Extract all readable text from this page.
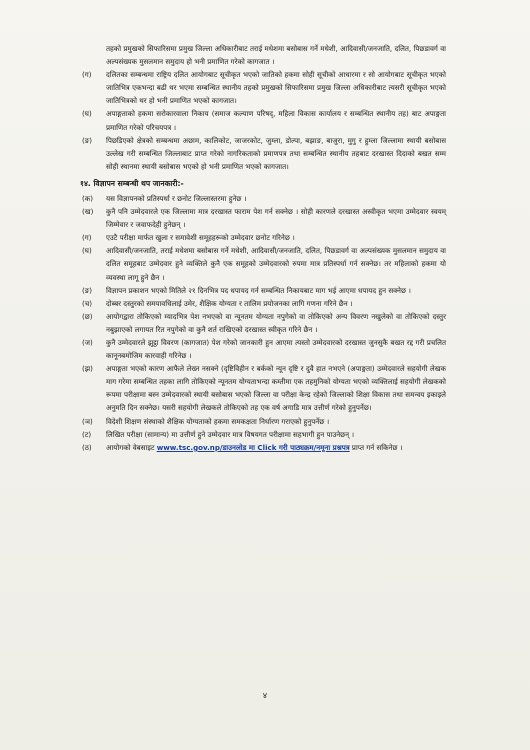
तहको प्रमुखको सिफारिसमा प्रमुख जिल्ला अधिकारीबाट तराई मधेशमा बसोबास गर्ने मधेशी, आदिवासी/जनजाति, दलित, पिछडावर्ग वा अल्पसंख्यक मुसलमान समुदाय हो भनी प्रमाणित गरेको कागजात ।
(ग)	दलितका सम्बन्धमा राष्ट्रिय दलित आयोगबाट सूचीकृत भएको जातिको हकमा सोही सूचीको आधारमा र सो आयोगबाट सूचीकृत भएको जातिभित्र एकभन्दा बढी थर भएमा सम्बन्धित स्थानीय तहको प्रमुखको सिफारिसमा प्रमुख जिल्ला अधिकारीबाट त्यसरी सूचीकृत भएको जातिभित्रको थर हो भनी प्रमाणित भएको कागजात।
(घ)	अपाङ्गताको हकमा सरोकारवाला निकाय (समाज कल्याण परिषद्, महिला विकास कार्यालय र सम्बन्धित स्थानीय तह) बाट अपाङ्गता प्रमाणित गरेको परिचयपत्र ।
(ङ)	पिछडिएको क्षेत्रको सम्बन्धमा अछाम, कालिकोट, जाजरकोट, जुम्ला, डोल्पा, बझाङ, बाजुरा, मुगु र हुम्ला जिल्लामा स्थायी बसोबास उल्लेख गरी सम्बन्धित जिल्लाबाट प्राप्त गरेको नागरिकताको प्रमाणपत्र तथा सम्बन्धित स्थानीय तहबाट दरखास्त दिदाको बखत सम्म सोही स्थानमा स्थायी बसोबास भएको हो भनी प्रमाणित भएको कागजात।
१४. विज्ञापन सम्बन्धी थप जानकारी:-
(क)	यस विज्ञापनको प्रतिस्पर्धा र छनोट जिल्लास्तरमा हुनेछ ।
(ख)	कुनै पनि उम्मेदवारले एक जिल्लामा मात्र दरखास्त फाराम पेश गर्न सक्नेछ । सोही कारणले दरखास्त अस्वीकृत भएमा उम्मेदवार स्वयम् जिम्मेवार र जवाफदेही हुनेछन् ।
(ग)	एउटै परीक्षा मार्फत खुला र समावेशी समूहहरूको उम्मेदवार छनोट गरिनेछ ।
(घ)	आदिवासी/जनजाति, तराई मधेशमा बसोबास गर्ने मधेशी, आदिवासी/जनजाति, दलित, पिछडावर्ग वा अल्पसंख्यक मुसलमान समुदाय वा दलित समूहबाट उम्मेदवार हुने व्यक्तिले कुनै एक समूहको उम्मेदवारको रुपमा मात्र प्रतिस्पर्धा गर्न सक्नेछ। तर महिलाको हकमा यो व्यवस्था लागू हुने छैन ।
(ङ)	विज्ञापन प्रकाशन भएको मितिले २१ दिनभित्र पद धपायद गर्न सम्बन्धित निकायबाट माग भई आएमा धपायद हुन सक्नेछ ।
(च)	दोब्बर दस्तुरको समयावधिलाई उमेर, शैक्षिक योग्यता र तालिम प्रयोजनका लागि गणना गरिने छैन ।
(छ)	आयोगद्वारा तोकिएको म्यादभित्र पेश नभएको वा न्यूनतम योग्यता नपुगेको वा तोकिएको अन्य विवरण नखुलेको वा तोकिएको दस्तुर नबुझाएको लगायत रित नपुगेको वा कुनै शर्त राखिएको दरखास्त स्वीकृत गरिने छैन ।
(ज)	कुनै उम्मेदवारले झुट्ठा विवरण (कागजात) पेश गरेको जानकारी हुन आएमा त्यस्तो उम्मेदवारको दरखास्त जुनसुकै बखत रद्द गरी प्रचलित कानूनबमोजिम कारवाही गरिनेछ ।
(झ)	अपाङ्गता भएको कारण आफैले लेख्न नसक्ने (दृष्टिविहीन र बर्कको न्यून दृष्टि र दुवै हात नभएने (अपाङ्गता) उम्मेदवारले सहयोगी लेखक माग गरेमा सम्बन्धित तहका लागि तोकिएको न्यूनतम योग्यताभन्दा कम्तीमा एक तहमुनिको योग्यता भएको व्यक्तिलाई सहयोगी लेखकको रूपमा परीक्षामा बस्न उम्मेदवारको स्थायी बसोबास भएको जिल्ला वा परीक्षा केन्द्र रहेको जिल्लाको शिक्षा विकास तथा समन्वय इकाइले अनुमति दिन सक्नेछ। यसरी सहयोगी लेखकले तोकिएको तह एक वर्ष अगाडि मात्र उत्तीर्ण गरेको हुनुपर्नेछ।
(ञ)	विदेशी शिक्षण संस्थाको शैक्षिक योग्यताको हकमा समकक्षता निर्धारण गराएको हुनुपर्नेछ ।
(ट)	लिखित परीक्षा (सामान्य) मा उत्तीर्ण हुने उम्मेदवार मात्र विषयगत परीक्षामा सहभागी हुन पाउनेछन् ।
(ठ)	आयोगको वेबसाइट www.tsc.gov.np/डाउनलोड मा Click गरी पाठ्यक्रम/नमूना प्रश्नपत्र प्राप्त गर्न सकिनेछ ।
४
